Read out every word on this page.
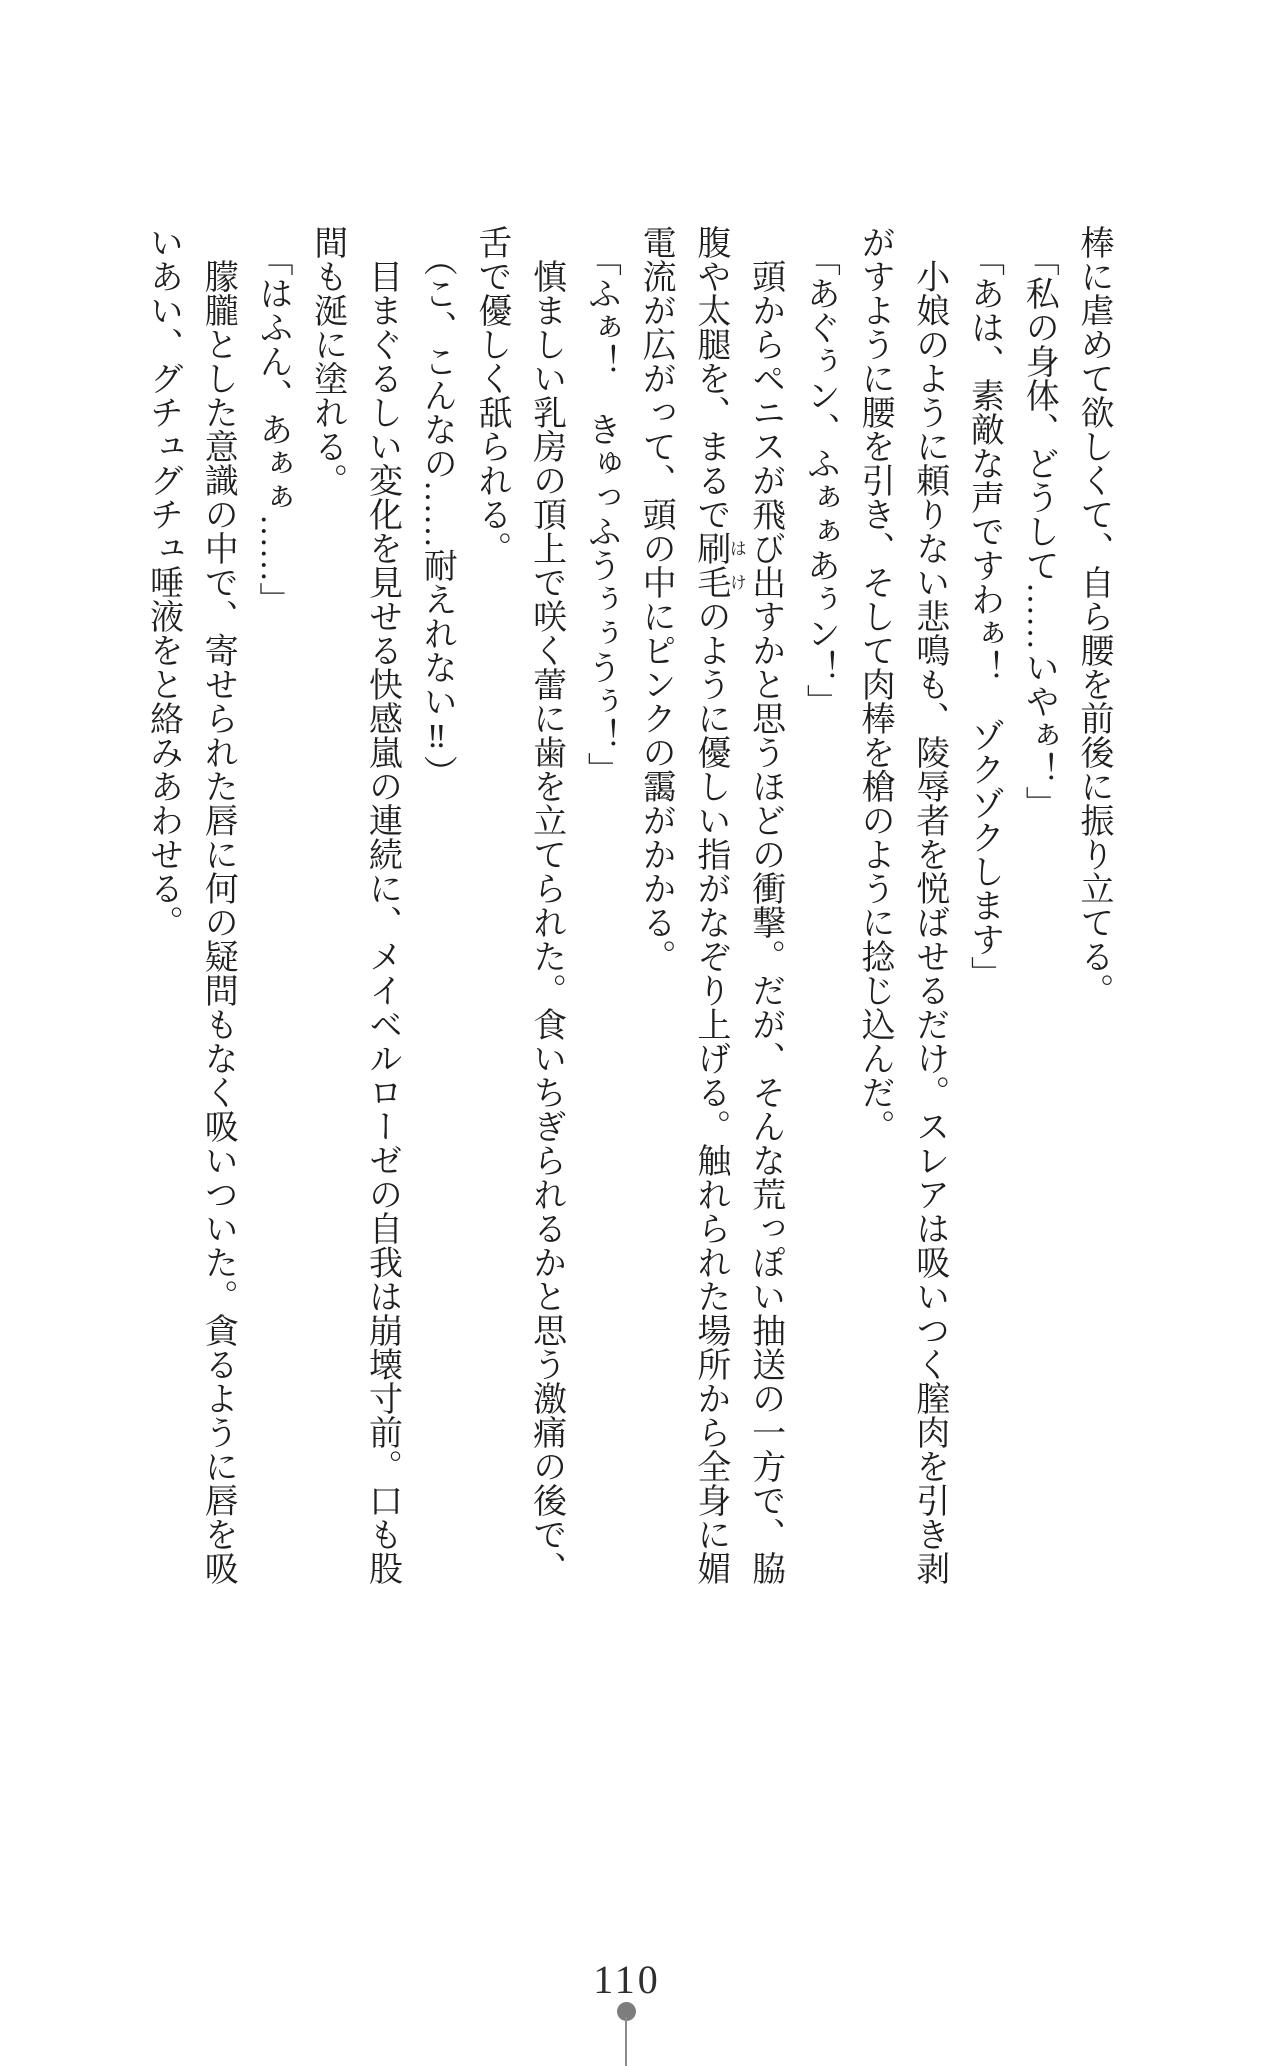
棒に虐めて欲しくて、自ら腰を前後に振り立てる。

「私の身体、どうして……いやぁ！」

「あは、素敵な声ですわぁ！　ゾクゾクします」

小娘のように頼りない悲鳴も、陵辱者を悦ばせるだけ。スレアは吸いつく膣肉を引き剥がすように腰を引き、そして肉棒を槍のように捻じ込んだ。

「あぐぅン、ふぁぁあぅン！」

頭からペニスが飛び出すかと思うほどの衝撃。だが、そんな荒っぽい抽送の一方で、脇腹や太腿を、まるで刷毛はけのように優しい指がなぞり上げる。触れられた場所から全身に媚電流が広がって、頭の中にピンクの靄がかかる。

「ふぁ！　きゅっふうぅぅうぅ！」

慎ましい乳房の頂上で咲く蕾に歯を立てられた。食いちぎられるかと思う激痛の後で、舌で優しく舐られる。

（こ、こんなの……耐えれない‼）

目まぐるしい変化を見せる快感嵐の連続に、メイベルローゼの自我は崩壊寸前。口も股間も涎に塗れる。

「はふん、あぁぁ……」

朦朧とした意識の中で、寄せられた唇に何の疑問もなく吸いついた。貪るように唇を吸いあい、グチュグチュ唾液をと絡みあわせる。

110
